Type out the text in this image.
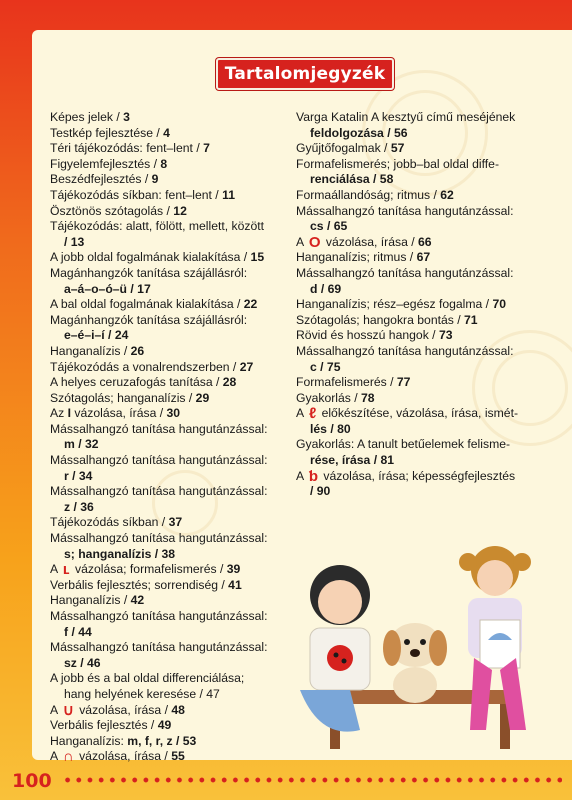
Tartalomjegyzék

Képes jelek / 3

Testkép fejlesztése / 4

Téri tájékozódás: fent–lent / 7

Figyelemfejlesztés / 8

Beszédfejlesztés / 9

Tájékozódás síkban: fent–lent / 11

Ösztönös szótagolás / 12

Tájékozódás: alatt, fölött, mellett, között
/ 13

A jobb oldal fogalmának kialakítása / 15

Magánhangzók tanítása szájállásról:
a–á–o–ó–ü / 17

A bal oldal fogalmának kialakítása / 22

Magánhangzók tanítása szájállásról:
e–é–i–í / 24

Hanganalízis / 26

Tájékozódás a vonalrendszerben / 27

A helyes ceruzafogás tanítása / 28

Szótagolás; hanganalízis / 29

Az I vázolása, írása / 30

Mássalhangzó tanítása hangutánzással:
m / 32

Mássalhangzó tanítása hangutánzással:
r / 34

Mássalhangzó tanítása hangutánzással:
z / 36

Tájékozódás síkban / 37

Mássalhangzó tanítása hangutánzással:
s; hanganalízis / 38

A ʟ vázolása; formafelismerés / 39

Verbális fejlesztés; sorrendiség / 41

Hanganalízis / 42

Mássalhangzó tanítása hangutánzással:
f / 44

Mássalhangzó tanítása hangutánzással:
sz / 46

A jobb és a bal oldal differenciálása;
hang helyének keresése / 47

A ∪ vázolása, írása / 48

Verbális fejlesztés / 49

Hanganalízis: m, f, r, z / 53

A ∩ vázolása, írása / 55

Varga Katalin A kesztyű című meséjének
feldolgozása / 56

Gyűjtőfogalmak / 57

Formafelismerés; jobb–bal oldal diffe-
renciálása / 58

Formaállandóság; ritmus / 62

Mássalhangzó tanítása hangutánzással:
cs / 65

A O vázolása, írása / 66

Hanganalízis; ritmus / 67

Mássalhangzó tanítása hangutánzással:
d / 69

Hanganalízis; rész–egész fogalma / 70

Szótagolás; hangokra bontás / 71

Rövid és hosszú hangok / 73

Mássalhangzó tanítása hangutánzással:
c / 75

Formafelismerés / 77

Gyakorlás / 78

A ℓ előkészítése, vázolása, írása, ismét-
lés / 80

Gyakorlás: A tanult betűelemek felisme-
rése, írása / 81

A ƅ vázolása, írása; képességfejlesztés
/ 90

100
